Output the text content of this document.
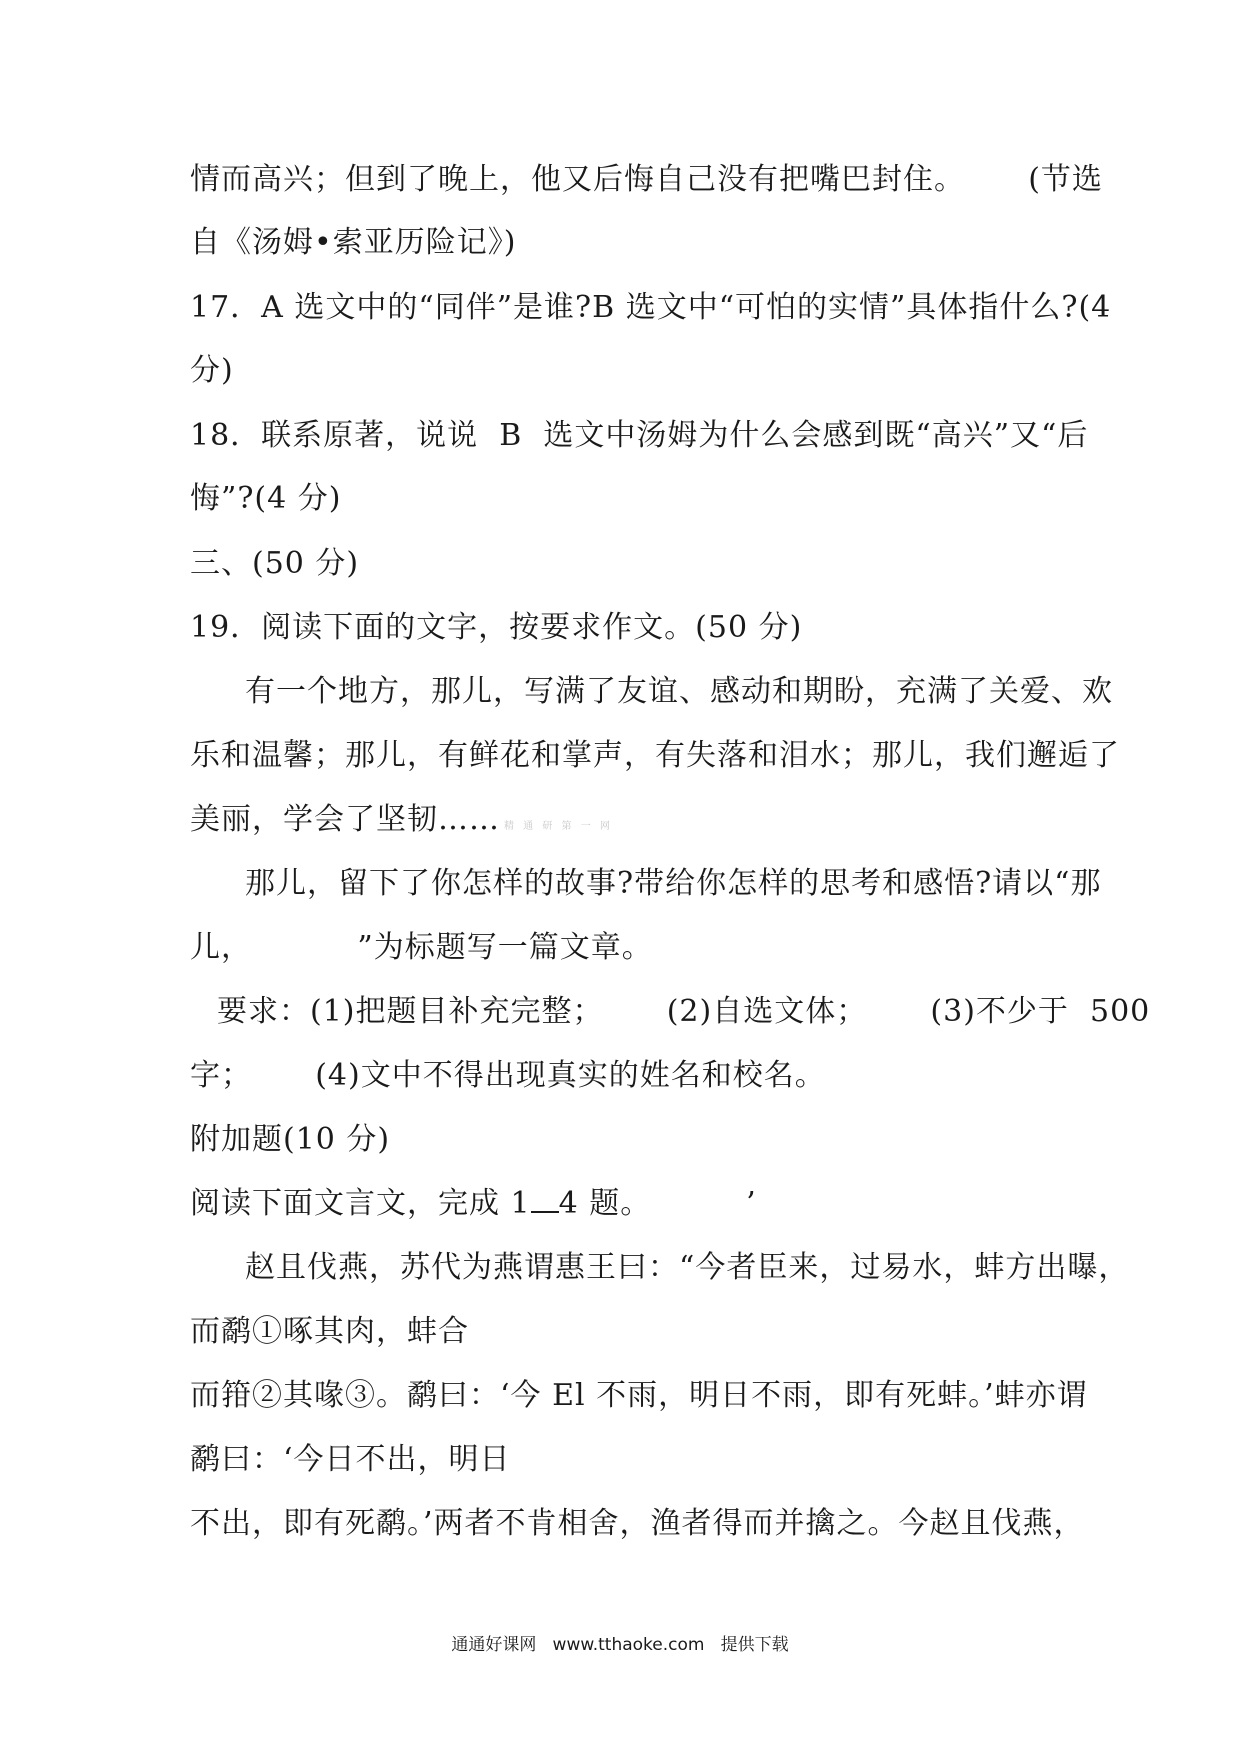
情而高兴；但到了晚上，他又后悔自己没有把嘴巴封住。      (节选
自《汤姆•索亚历险记》)
17．A 选文中的“同伴”是谁?B 选文中“可怕的实情”具体指什么?(4
分)
18．联系原著，说说  B  选文中汤姆为什么会感到既“高兴”又“后
悔”?(4 分)
三、(50 分)
19．阅读下面的文字，按要求作文。(50 分)
有一个地方，那儿，写满了友谊、感动和期盼，充满了关爱、欢
乐和温馨；那儿，有鲜花和掌声，有失落和泪水；那儿，我们邂逅了
美丽，学会了坚韧…… 精 通 研 第 一 网
那儿，留下了你怎样的故事?带给你怎样的思考和感悟?请以“那
儿，          ”为标题写一篇文章。
要求：(1)把题目补充完整；      (2)自选文体；      (3)不少于  500
字；      (4)文中不得出现真实的姓名和校名。
附加题(10 分)
阅读下面文言文，完成 1 4 题。         ’
赵且伐燕，苏代为燕谓惠王曰：“今者臣来，过易水，蚌方出曝，
而鹬①啄其肉，蚌合
而箝②其喙③。鹬曰：‘今 El 不雨，明日不雨，即有死蚌。’蚌亦谓
鹬曰：‘今日不出，明日
不出，即有死鹬。’两者不肯相舍，渔者得而并擒之。今赵且伐燕，
通通好课网   www.tthaoke.com   提供下载
